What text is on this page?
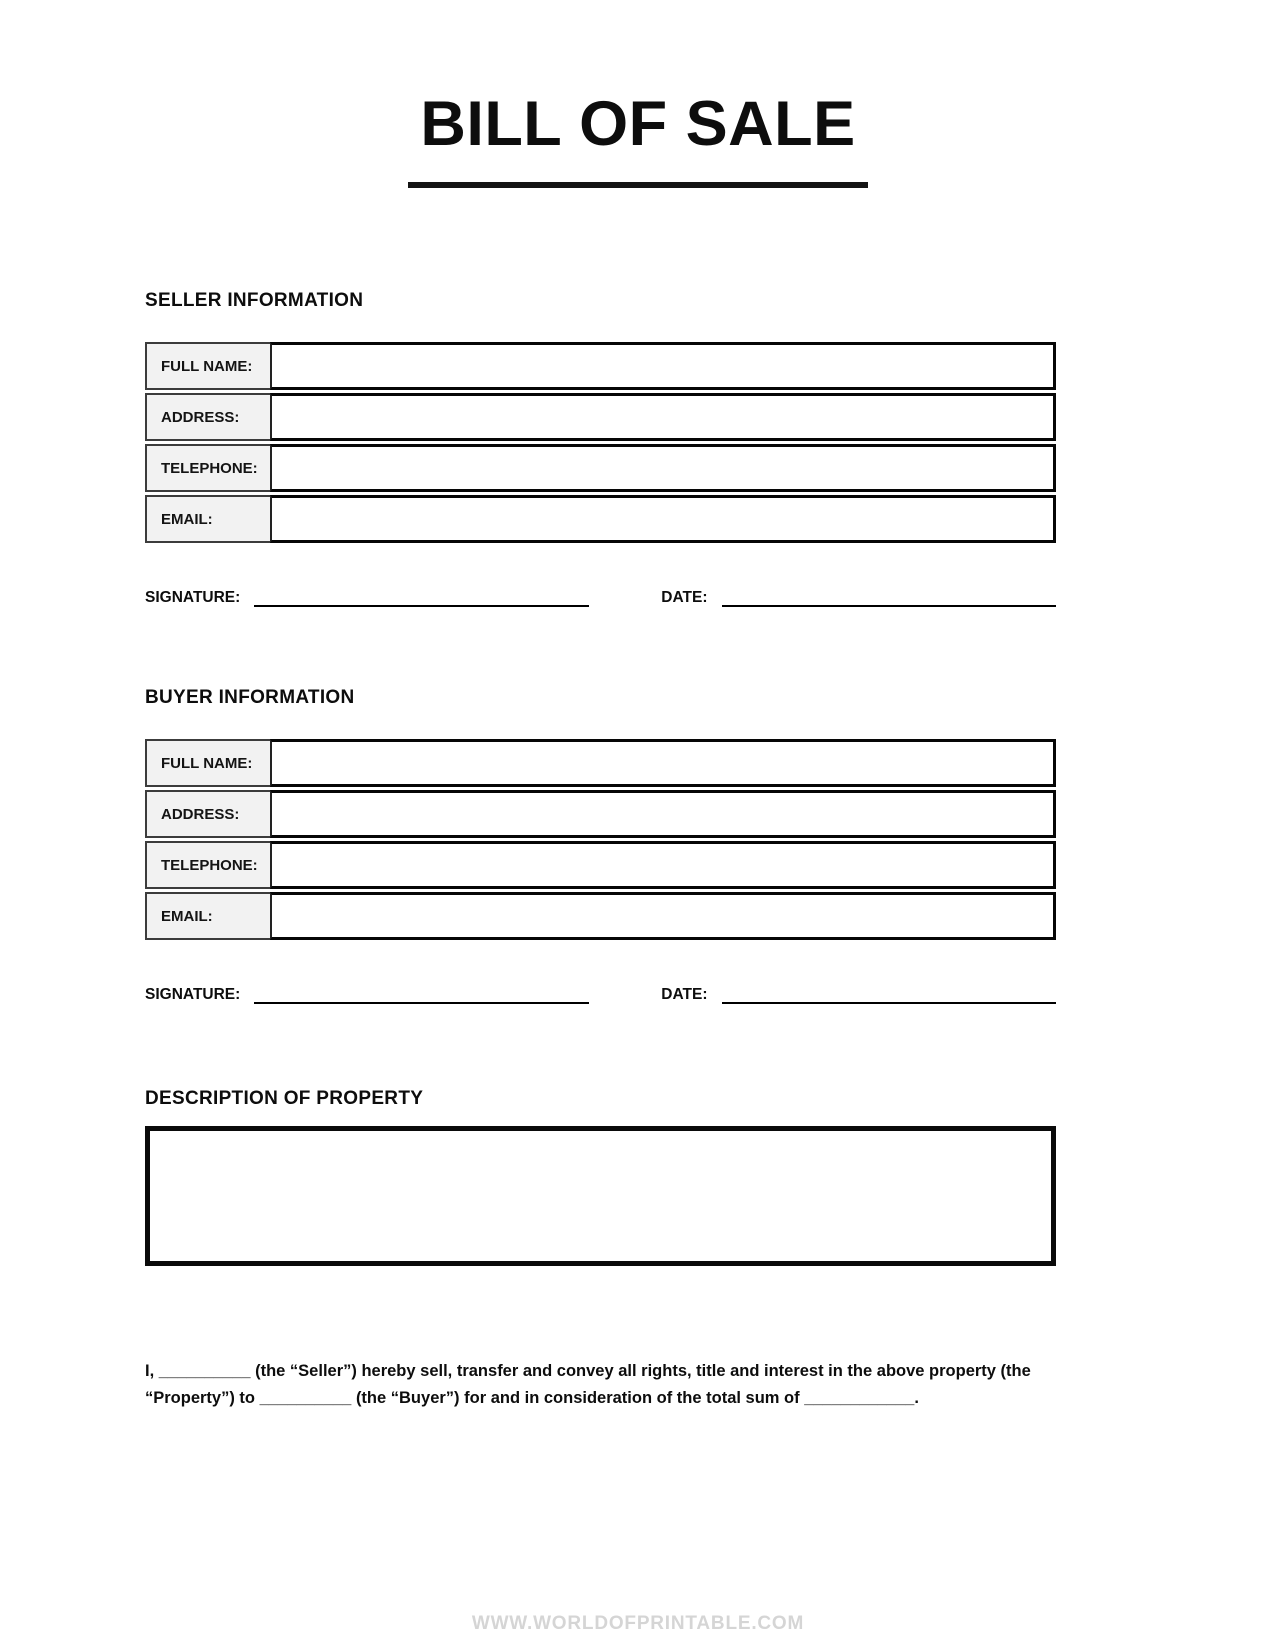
BILL OF SALE
SELLER INFORMATION
FULL NAME:
ADDRESS:
TELEPHONE:
EMAIL:
SIGNATURE:	DATE:
BUYER INFORMATION
FULL NAME:
ADDRESS:
TELEPHONE:
EMAIL:
SIGNATURE:	DATE:
DESCRIPTION OF PROPERTY

I, __________ (the “Seller”) hereby sell, transfer and convey all rights, title and interest in the above property (the “Property”) to __________ (the “Buyer”) for and in consideration of the total sum of ____________.

WWW.WORLDOFPRINTABLE.COM
